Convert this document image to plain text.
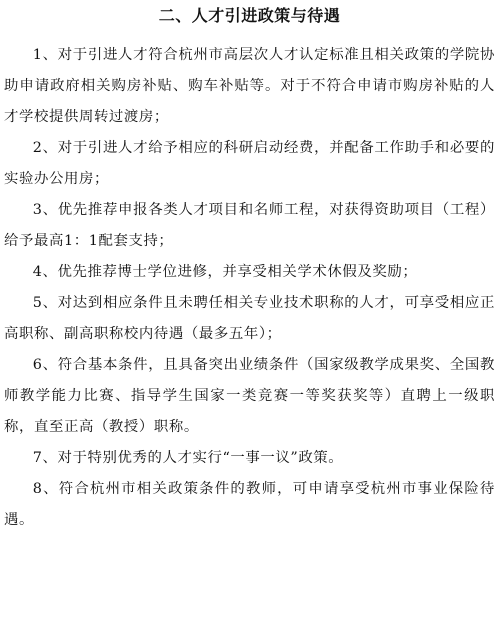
二、人才引进政策与待遇

1、对于引进人才符合杭州市高层次人才认定标准且相关政策的学院协助申请政府相关购房补贴、购车补贴等。对于不符合申请市购房补贴的人才学校提供周转过渡房；

2、对于引进人才给予相应的科研启动经费，并配备工作助手和必要的实验办公用房；

3、优先推荐申报各类人才项目和名师工程，对获得资助项目（工程）给予最高1：1配套支持；

4、优先推荐博士学位进修，并享受相关学术休假及奖励；

5、对达到相应条件且未聘任相关专业技术职称的人才，可享受相应正高职称、副高职称校内待遇（最多五年）；

6、符合基本条件，且具备突出业绩条件（国家级教学成果奖、全国教师教学能力比赛、指导学生国家一类竞赛一等奖获奖等）直聘上一级职称，直至正高（教授）职称。

7、对于特别优秀的人才实行“一事一议”政策。

8、符合杭州市相关政策条件的教师，可申请享受杭州市事业保险待遇。
